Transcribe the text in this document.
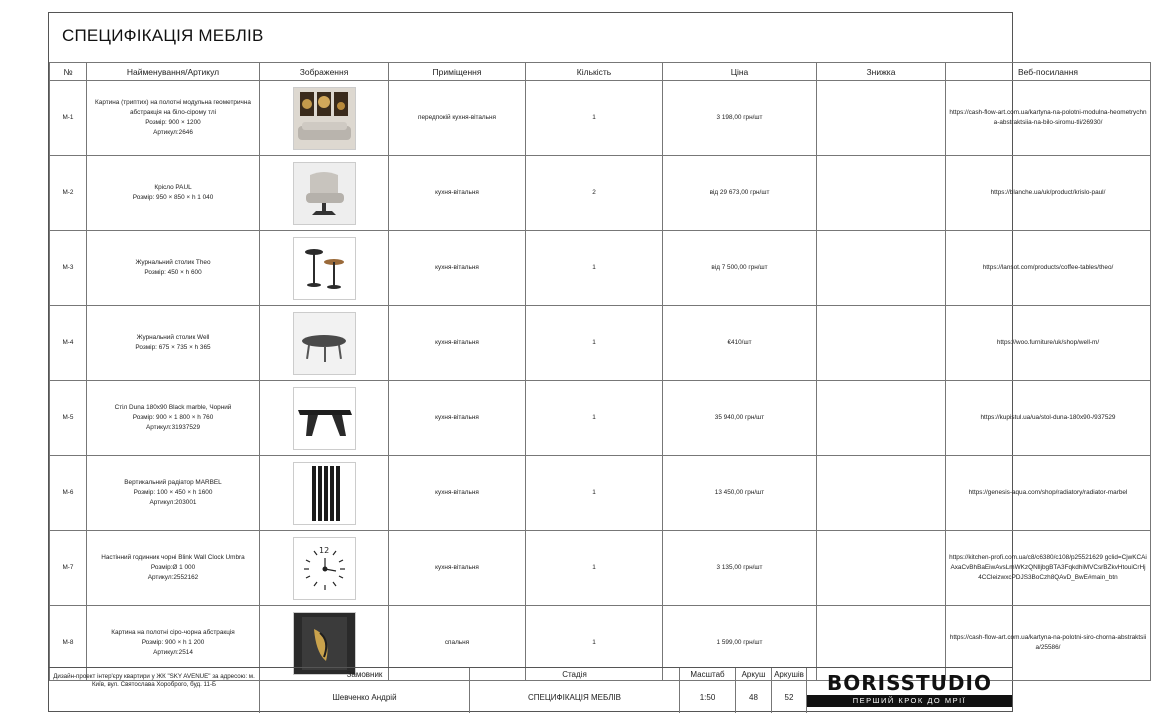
СПЕЦИФІКАЦІЯ МЕБЛІВ
№	Найменування/Артикул	Зображення	Приміщення	Кількість	Ціна	Знижка	Веб-посилання
M-1	Картина (триптих) на полотні модульна геометрична абстракція на біло-сірому тлі
Розмір: 900 × 1200
Артикул:2646		передпокій кухня-вітальня	1	3 198,00 грн/шт		https://cash-flow-art.com.ua/kartyna-na-polotni-modulna-heometrychna-abstraktsiia-na-bilo-siromu-tli/26930/
M-2	Крісло PAUL
Розмір: 950 × 850 × h 1 040		кухня-вітальня	2	від 29 673,00 грн/шт		https://blanche.ua/uk/product/krislo-paul/
M-3	Журнальний столик Theo
Розмір: 450 × h 600		кухня-вітальня	1	від 7 500,00 грн/шт		https://lansot.com/products/coffee-tables/theo/
M-4	Журнальний столик Well
Розмір: 675 × 735 × h 365		кухня-вітальня	1	€410/шт		https://woo.furniture/uk/shop/well-m/
M-5	Стіл Duna 180x90 Black marble, Чорний
Розмір: 900 × 1 800 × h 760
Артикул:31937529		кухня-вітальня	1	35 940,00 грн/шт		https://kupistul.ua/ua/stol-duna-180x90-/937529
M-6	Вертикальний радіатор MARBEL
Розмір: 100 × 450 × h 1600
Артикул:203001		кухня-вітальня	1	13 450,00 грн/шт		https://genesis-aqua.com/shop/radiatory/radiator-marbel
M-7	Настінний годинник чорні Blink Wall Clock Umbra
Розмір:Ø 1 000
Артикул:2552162	12	кухня-вітальня	1	3 135,00 грн/шт		https://kitchen-profi.com.ua/c8/c6380/c108/p25521629 gclid=CjwKCAiAxaCvBhBaEiwAvsLmWKzQNlljbgBTA3FqkdhiMVCsrBZkvHtouiCrHj4CCleizwxcPDJS3BoCzh8QAvD_BwE#main_btn
M-8	Картина на полотні сіро-чорна абстракція
Розмір: 900 × h 1 200
Артикул:2514		спальня	1	1 599,00 грн/шт		https://cash-flow-art.com.ua/kartyna-na-polotni-siro-chorna-abstraktsiia/25586/
Дизайн-проект інтер'єру квартири у ЖК "SKY AVENUE" за адресою: м. Київ, вул. Святослава Хороброго, буд. 11-Б
Замовник
Шевченко Андрій
Стадія
СПЕЦИФІКАЦІЯ МЕБЛІВ
Масштаб
1:50
Аркуш
48
Аркушів
52
BORISSTUDIO
ПЕРШИЙ КРОК ДО МРІЇ
